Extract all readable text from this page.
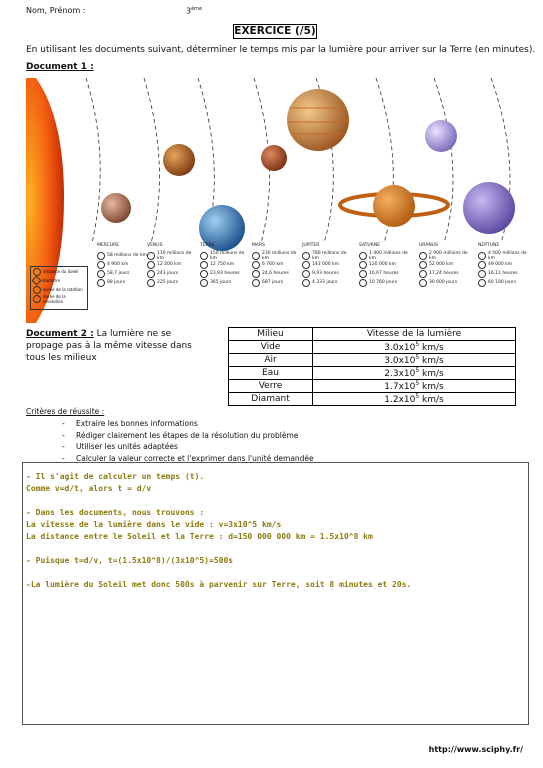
Nom, Prénom :	3ème
EXERCICE (/5)
En utilisant les documents suivant, déterminer le temps mis par la lumière pour arriver sur la Terre (en minutes).
Document 1 :
MERCURE
58 millions de km
4 900 km
58,7 jours
88 jours
VÉNUS
110 millions de km
12 200 km
243 jours
225 jours
TERRE
150 millions de km
12 750 km
23,93 heures
365 jours
MARS
230 millions de km
6 760 km
24,6 heures
687 jours
JUPITER
780 millions de km
143 000 km
9,93 heures
4 333 jours
SATURNE
1 400 millions de km
120 000 km
10,67 heures
10 760 jours
URANUS
2 900 millions de km
52 000 km
17,24 heures
30 600 jours
NEPTUNE
4 500 millions de km
49 000 km
16,11 heures
60 190 jours
distance du Soleil
diamètre
durée de la rotation
durée de la révolution
Document 2 : La lumière ne se propage pas à la même vitesse dans tous les milieux
Milieu	Vitesse de la lumière
Vide	$3.0x10^5$ km/s
Air	$3.0x10^5$ km/s
Eau	$2.3x10^5$ km/s
Verre	$1.7x10^5$ km/s
Diamant	$1.2x10^5$ km/s
Critères de réussite :
- Extraire les bonnes informations
- Rédiger clairement les étapes de la résolution du problème
- Utiliser les unités adaptées
- Calculer la valeur correcte et l'exprimer dans l'unité demandée
- Il s'agit de calculer un temps (t).
Comme v=d/t, alors t = d/v
- Dans les documents, nous trouvons :
La vitesse de la lumière dans le vide : v=3x10^5 km/s
La distance entre le Soleil et la Terre : d=150 000 000 km = 1.5x10^8 km
- Puisque t=d/v, t=(1.5x10^8)/(3x10^5)=500s
-La lumière du Soleil met donc 500s à parvenir sur Terre, soit 8 minutes et 20s.
http://www.sciphy.fr/
